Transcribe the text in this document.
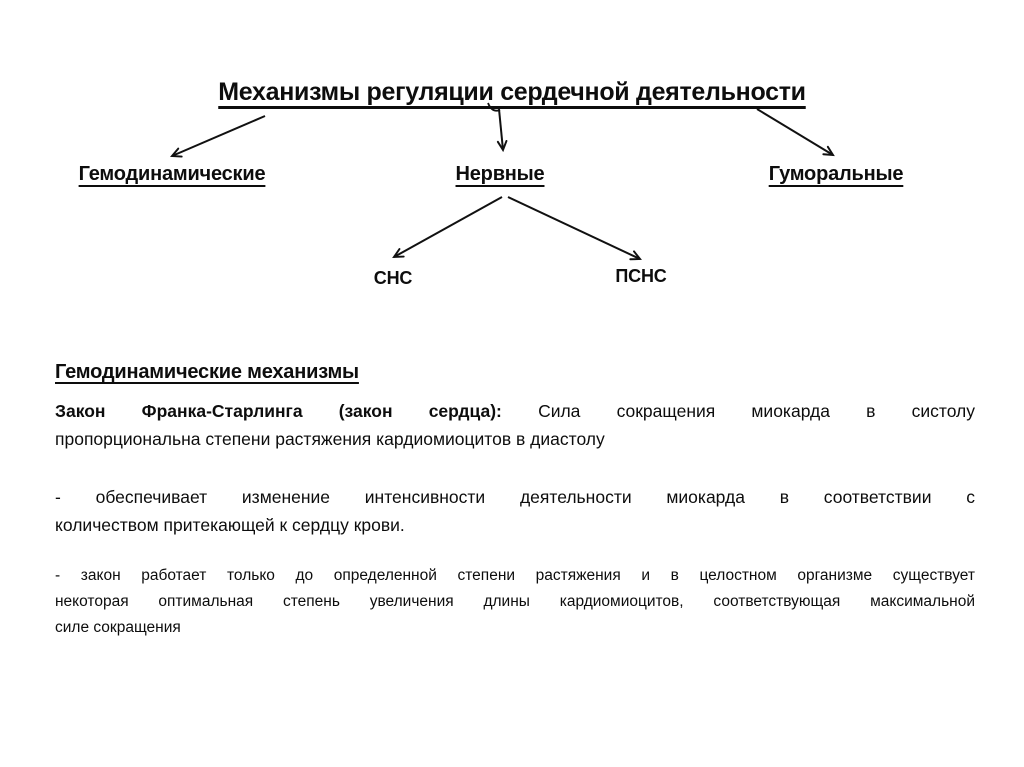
Механизмы регуляции сердечной деятельности
Гемодинамические	Нервные	Гуморальные
СНС	ПСНС
Гемодинамические механизмы
Закон Франка-Старлинга (закон сердца): Сила сокращения миокарда в систолу
пропорциональна степени растяжения кардиомиоцитов в диастолу
- обеспечивает изменение интенсивности деятельности миокарда в соответствии с
количеством притекающей к сердцу крови.
- закон работает только до определенной степени растяжения и в целостном организме существует
некоторая оптимальная степень увеличения длины кардиомиоцитов, соответствующая максимальной
силе сокращения
